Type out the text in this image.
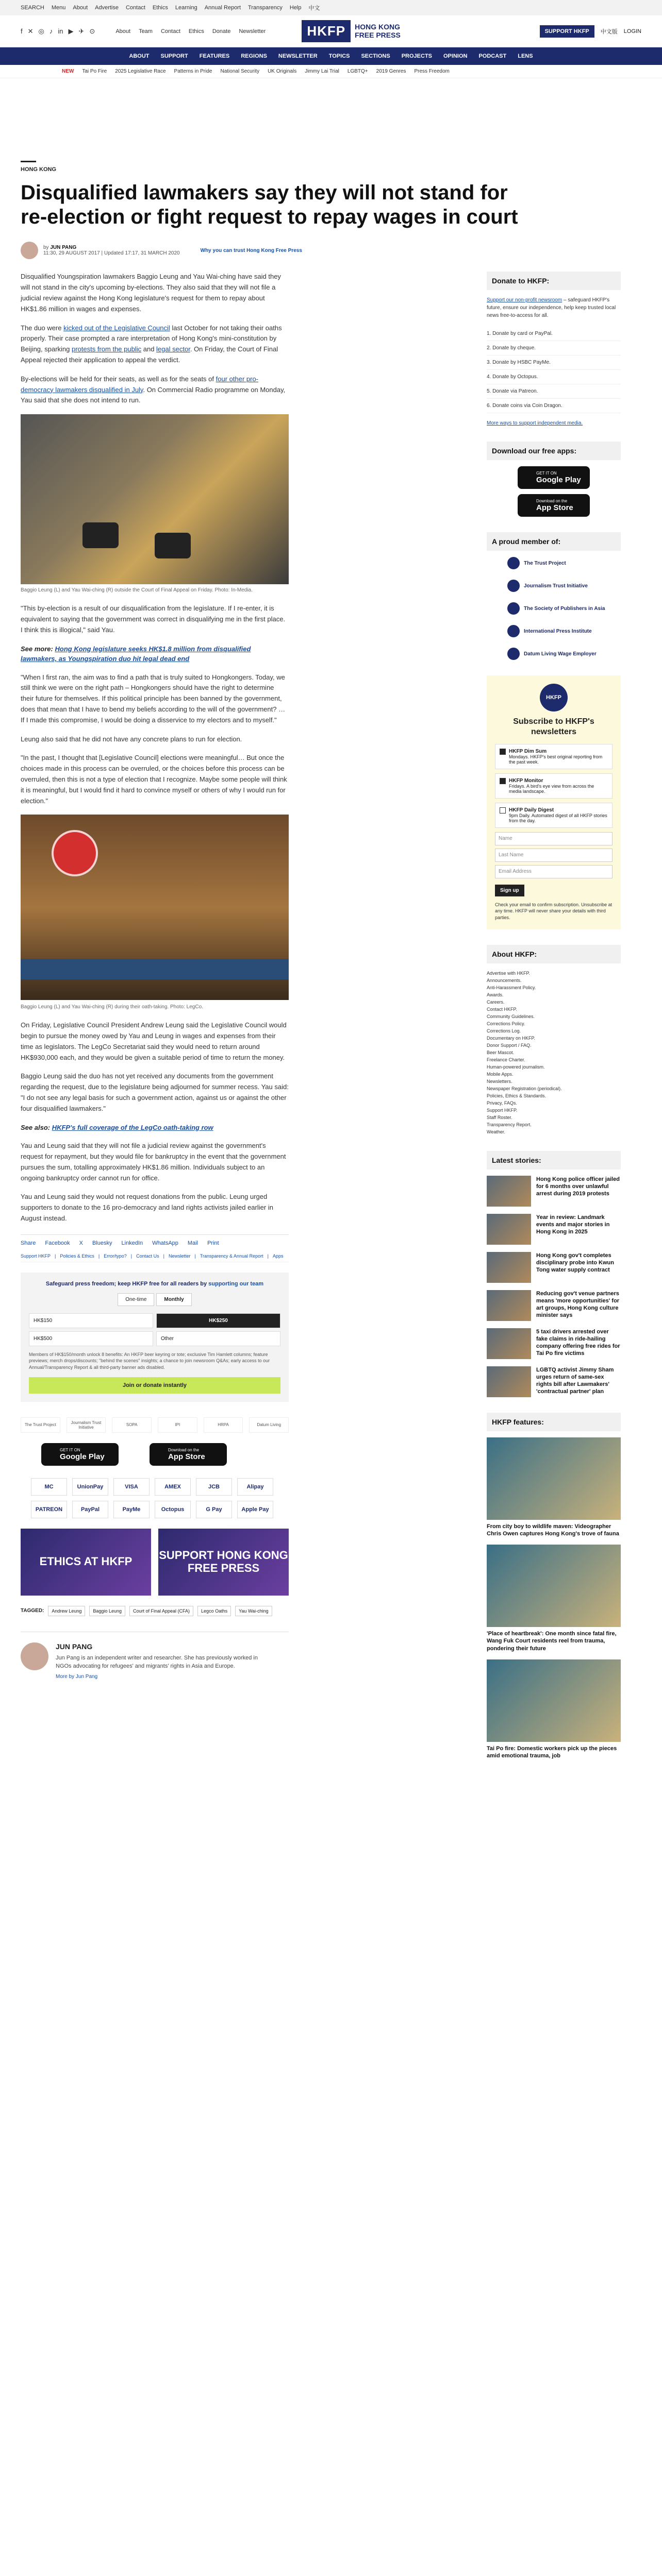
SEARCH Menu About Advertise Contact Ethics Learning Annual Report Transparency Help 中文
f ✕ ◎ ♪ in ▶ ✈ ⊙	About Team Contact Ethics Donate Newsletter	HKFP	HONG KONG
FREE PRESS	SUPPORT HKFP	中文版 LOGIN
ABOUT SUPPORT FEATURES REGIONS NEWSLETTER TOPICS SECTIONS PROJECTS OPINION PODCAST LENS
NEW Tai Po Fire 2025 Legislative Race Patterns in Pride National Security UK Originals Jimmy Lai Trial LGBTQ+ 2019 Genres Press Freedom
HONG KONG
Disqualified lawmakers say they will not stand for re-election or fight request to repay wages in court
by JUN PANG
11:30, 29 AUGUST 2017 | Updated 17:17, 31 MARCH 2020	Why you can trust Hong Kong Free Press

Disqualified Youngspiration lawmakers Baggio Leung and Yau Wai-ching have said they will not stand in the city's upcoming by-elections. They also said that they will not file a judicial review against the Hong Kong legislature's request for them to repay about HK$1.86 million in wages and expenses.

The duo were kicked out of the Legislative Council last October for not taking their oaths properly. Their case prompted a rare interpretation of Hong Kong's mini-constitution by Beijing, sparking protests from the public and legal sector. On Friday, the Court of Final Appeal rejected their application to appeal the verdict.

By-elections will be held for their seats, as well as for the seats of four other pro-democracy lawmakers disqualified in July. On Commercial Radio programme on Monday, Yau said that she does not intend to run.

Baggio Leung (L) and Yau Wai-ching (R) outside the Court of Final Appeal on Friday. Photo: In-Media.

"This by-election is a result of our disqualification from the legislature. If I re-enter, it is equivalent to saying that the government was correct in disqualifying me in the first place. I think this is illogical," said Yau.

See more: Hong Kong legislature seeks HK$1.8 million from disqualified lawmakers, as Youngspiration duo hit legal dead end

"When I first ran, the aim was to find a path that is truly suited to Hongkongers. Today, we still think we were on the right path – Hongkongers should have the right to determine their future for themselves. If this political principle has been banned by the government, does that mean that I have to bend my beliefs according to the will of the government? … If I made this compromise, I would be doing a disservice to my electors and to myself."

Leung also said that he did not have any concrete plans to run for election.

"In the past, I thought that [Legislative Council] elections were meaningful… But once the choices made in this process can be overruled, or the choices before this process can be overruled, then this is not a type of election that I recognize. Maybe some people will think it is meaningful, but I would find it hard to convince myself or others of why I would run for election."

Baggio Leung (L) and Yau Wai-ching (R) during their oath-taking. Photo: LegCo.

On Friday, Legislative Council President Andrew Leung said the Legislative Council would begin to pursue the money owed by Yau and Leung in wages and expenses from their time as legislators. The LegCo Secretariat said they would need to return around HK$930,000 each, and they would be given a suitable period of time to return the money.

Baggio Leung said the duo has not yet received any documents from the government regarding the request, due to the legislature being adjourned for summer recess. Yau said: "I do not see any legal basis for such a government action, against us or against the other four disqualified lawmakers."

See also: HKFP's full coverage of the LegCo oath-taking row

Yau and Leung said that they will not file a judicial review against the government's request for repayment, but they would file for bankruptcy in the event that the government pursues the sum, totalling approximately HK$1.86 million. Individuals subject to an ongoing bankruptcy order cannot run for office.

Yau and Leung said they would not request donations from the public. Leung urged supporters to donate to the 16 pro-democracy and land rights activists jailed earlier in August instead.

Share Facebook X Bluesky LinkedIn WhatsApp Mail Print
Support HKFP | Policies & Ethics | Error/typo? | Contact Us | Newsletter | Transparency & Annual Report | Apps
Safeguard press freedom; keep HKFP free for all readers by supporting our team
One-time	Monthly
HK$150	HK$250
HK$500	Other
Members of HK$150/month unlock 8 benefits: An HKFP beer keyring or tote; exclusive Tim Hamlett columns; feature previews; merch drops/discounts; "behind the scenes" insights; a chance to join newsroom Q&As; early access to our Annual/Transparency Report & all third-party banner ads disabled.
Join or donate instantly
The Trust Project	Journalism Trust Initiative	SOPA	IPI	HRPA	Datum Living
GET IT ON
Google Play
Download on the
App Store
MC	UnionPay	VISA	AMEX	JCB	Alipay
PATREON	PayPal	PayMe	Octopus	G Pay	Apple Pay
ETHICS AT HKFP	SUPPORT HONG KONG FREE PRESS
TAGGED:	Andrew Leung	Baggio Leung	Court of Final Appeal (CFA)	Legco Oaths	Yau Wai-ching
JUN PANG
Jun Pang is an independent writer and researcher. She has previously worked in NGOs advocating for refugees' and migrants' rights in Asia and Europe.
More by Jun Pang
Donate to HKFP:

Support our non-profit newsroom – safeguard HKFP's future, ensure our independence, help keep trusted local news free-to-access for all.

1. Donate by card or PayPal.
2. Donate by cheque.
3. Donate by HSBC PayMe.
4. Donate by Octopus.
5. Donate via Patreon.
6. Donate coins via Coin Dragon.
More ways to support independent media.
Download our free apps:
GET IT ON
Google Play
Download on the
App Store
A proud member of:
The Trust Project
Journalism Trust Initiative
The Society of Publishers in Asia
International Press Institute
Datum Living Wage Employer
HKFP
Subscribe to HKFP's newsletters
HKFP Dim Sum
Mondays. HKFP's best original reporting from the past week.
HKFP Monitor
Fridays. A bird's eye view from across the media landscape.
HKFP Daily Digest
9pm Daily. Automated digest of all HKFP stories from the day.
Name
Last Name
Email Address
Sign up
Check your email to confirm subscription. Unsubscribe at any time. HKFP will never share your details with third parties.
About HKFP:
Advertise with HKFP.
Announcements.
Anti-Harassment Policy.
Awards.
Careers.
Contact HKFP.
Community Guidelines.
Corrections Policy.
Corrections Log.
Documentary on HKFP.
Donor Support / FAQ.
Beer Mascot.
Freelance Charter.
Human-powered journalism.
Mobile Apps.
Newsletters.
Newspaper Registration (periodical).
Policies, Ethics & Standards.
Privacy, FAQs.
Support HKFP.
Staff Roster.
Transparency Report.
Weather.
Latest stories:
Hong Kong police officer jailed for 6 months over unlawful arrest during 2019 protests
Year in review: Landmark events and major stories in Hong Kong in 2025
Hong Kong gov't completes disciplinary probe into Kwun Tong water supply contract
Reducing gov't venue partners means 'more opportunities' for art groups, Hong Kong culture minister says
5 taxi drivers arrested over fake claims in ride-hailing company offering free rides for Tai Po fire victims
LGBTQ activist Jimmy Sham urges return of same-sex rights bill after Lawmakers' 'contractual partner' plan
HKFP features:
From city boy to wildlife maven: Videographer Chris Owen captures Hong Kong's trove of fauna
'Place of heartbreak': One month since fatal fire, Wang Fuk Court residents reel from trauma, pondering their future
Tai Po fire: Domestic workers pick up the pieces amid emotional trauma, job
